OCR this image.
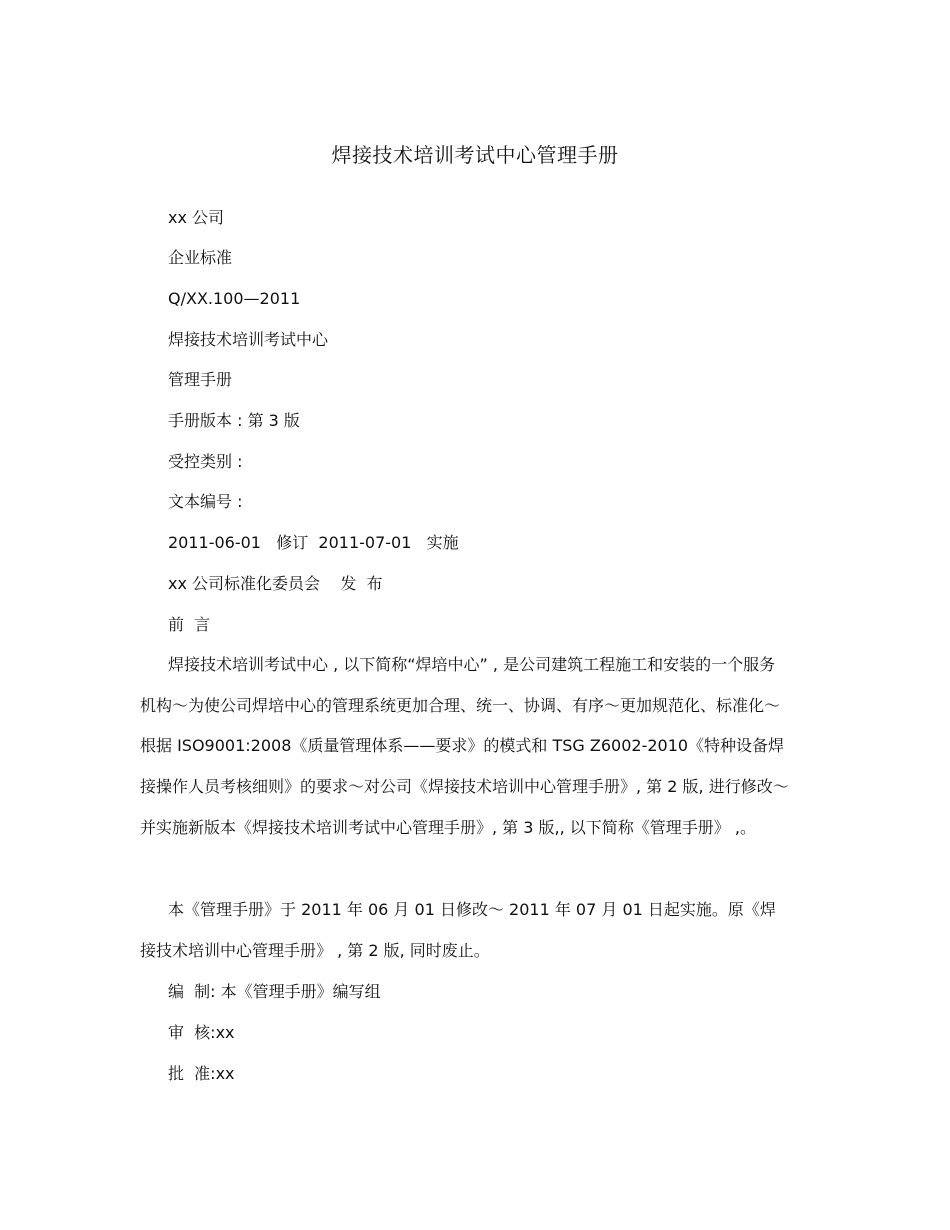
焊接技术培训考试中心管理手册
xx 公司
企业标准
Q/XX.100—2011
焊接技术培训考试中心
管理手册
手册版本 : 第 3 版
受控类别 :
文本编号 :
2011-06-01   修订  2011-07-01   实施
xx 公司标准化委员会    发  布
前  言
焊接技术培训考试中心 , 以下简称“焊培中心” , 是公司建筑工程施工和安装的一个服务机构～为使公司焊培中心的管理系统更加合理、统一、协调、有序～更加规范化、标准化～根据 ISO9001:2008《质量管理体系——要求》的模式和 TSG Z6002-2010《特种设备焊接操作人员考核细则》的要求～对公司《焊接技术培训中心管理手册》, 第 2 版, 进行修改～并实施新版本《焊接技术培训考试中心管理手册》, 第 3 版,, 以下简称《管理手册》 ,。
本《管理手册》于 2011 年 06 月 01 日修改～ 2011 年 07 月 01 日起实施。原《焊接技术培训中心管理手册》 , 第 2 版, 同时废止。
编  制: 本《管理手册》编写组
审  核:xx
批  准:xx
